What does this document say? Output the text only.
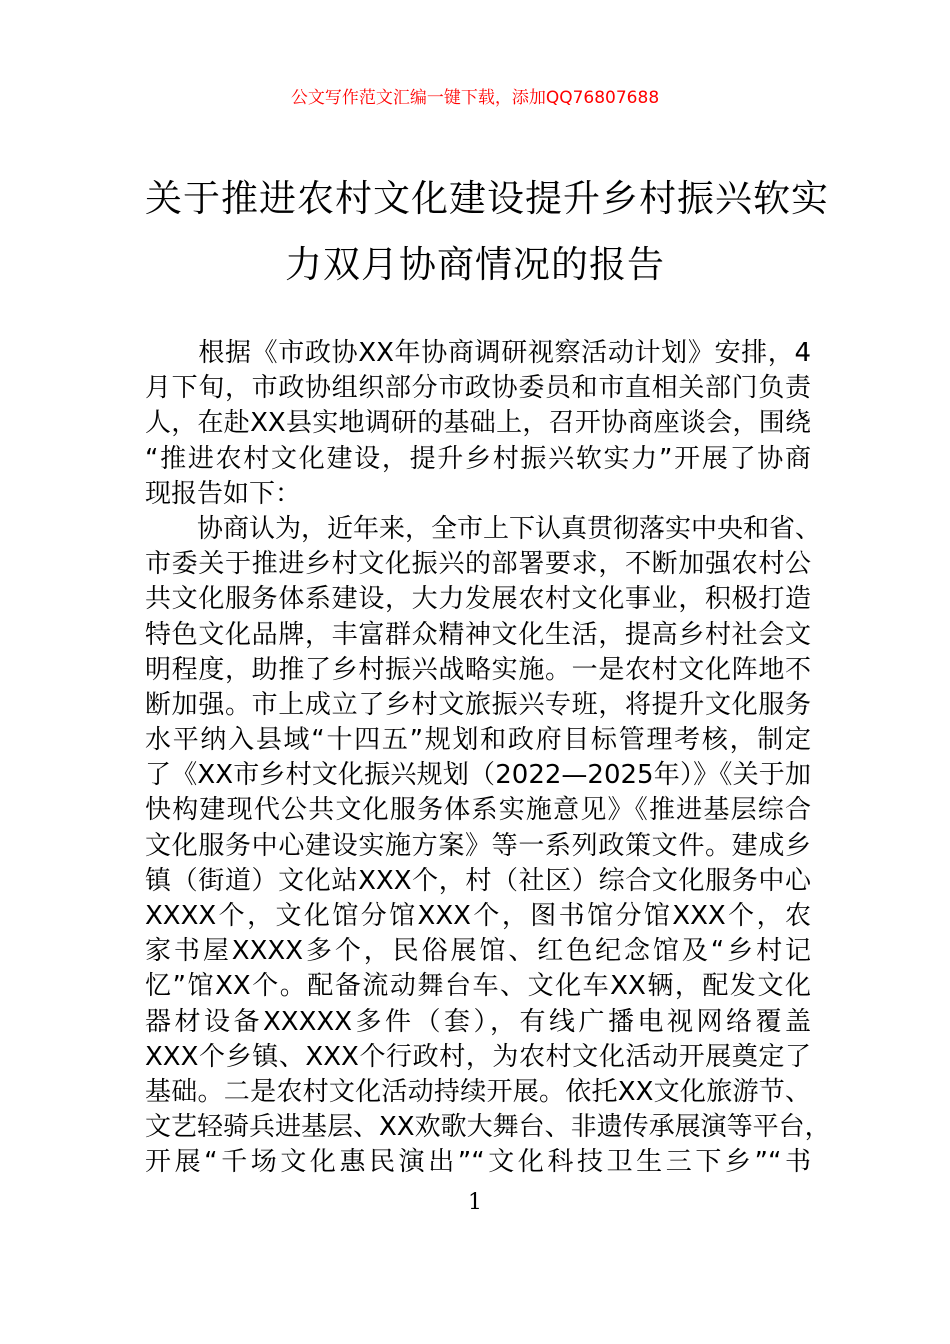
公文写作范文汇编一键下载，添加QQ76807688
关于推进农村文化建设提升乡村振兴软实
力双月协商情况的报告
　　根据《市政协XX年协商调研视察活动计划》安排，4
月下旬，市政协组织部分市政协委员和市直相关部门负责
人，在赴XX县实地调研的基础上，召开协商座谈会，围绕
“推进农村文化建设，提升乡村振兴软实力”开展了协商
现报告如下：
　　协商认为，近年来，全市上下认真贯彻落实中央和省、
市委关于推进乡村文化振兴的部署要求，不断加强农村公
共文化服务体系建设，大力发展农村文化事业，积极打造
特色文化品牌，丰富群众精神文化生活，提高乡村社会文
明程度，助推了乡村振兴战略实施。一是农村文化阵地不
断加强。市上成立了乡村文旅振兴专班，将提升文化服务
水平纳入县域“十四五”规划和政府目标管理考核，制定
了《XX市乡村文化振兴规划（2022—2025年）》《关于加
快构建现代公共文化服务体系实施意见》《推进基层综合
文化服务中心建设实施方案》等一系列政策文件。建成乡
镇（街道）文化站XXX个，村（社区）综合文化服务中心
XXXX个，文化馆分馆XXX个，图书馆分馆XXX个，农
家书屋XXXX多个，民俗展馆、红色纪念馆及“乡村记
忆”馆XX个。配备流动舞台车、文化车XX辆，配发文化
器材设备XXXXX多件（套），有线广播电视网络覆盖
XXX个乡镇、XXX个行政村，为农村文化活动开展奠定了
基础。二是农村文化活动持续开展。依托XX文化旅游节、
文艺轻骑兵进基层、XX欢歌大舞台、非遗传承展演等平台，
开展“千场文化惠民演出”“文化科技卫生三下乡”“书
1
